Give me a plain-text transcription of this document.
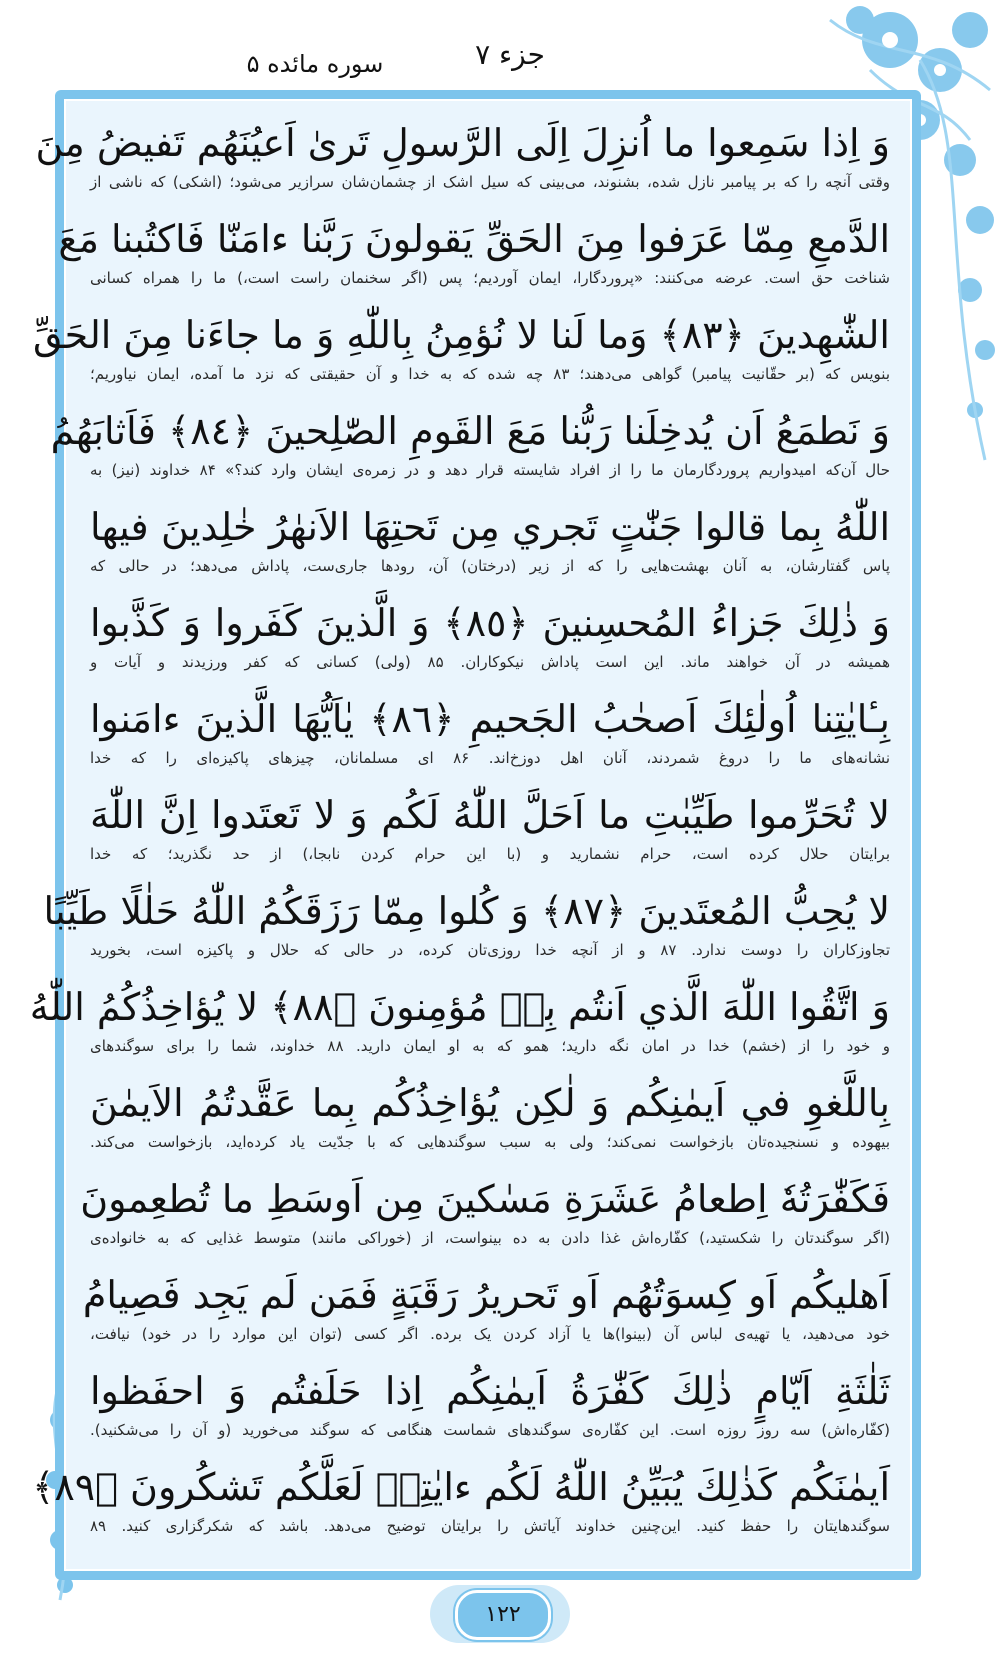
جزء ۷
سوره مائده ۵
وَ اِذا سَمِعوا ما اُنزِلَ اِلَى الرَّسولِ تَرىٰ اَعيُنَهُم تَفيضُ مِنَ
وقتی آنچه را که بر پیامبر نازل شده، بشنوند، می‌بینی که سیل اشک از چشمان‌شان سرازیر می‌شود؛ (اشکی) که ناشی از
الدَّمعِ مِمّا عَرَفوا مِنَ الحَقِّ يَقولونَ رَبَّنا ءامَنّا فَاكتُبنا مَعَ
شناخت حق است. عرضه می‌کنند: «پروردگارا، ایمان آوردیم؛ پس (اگر سخنمان راست است،) ما را همراه کسانی
الشّٰهِدينَ ﴿٨٣﴾ وَما لَنا لا نُؤمِنُ بِاللّٰهِ وَ ما جاءَنا مِنَ الحَقِّ
بنویس که (بر حقّانیت پیامبر) گواهی می‌دهند؛ ۸۳ چه شده که به خدا و آن حقیقتی که نزد ما آمده، ایمان نیاوریم؛
وَ نَطمَعُ اَن يُدخِلَنا رَبُّنا مَعَ القَومِ الصّٰلِحينَ ﴿٨٤﴾ فَاَثابَهُمُ
حال آن‌که امیدواریم پروردگارمان ما را از افراد شایسته قرار دهد و در زمره‌ی ایشان وارد کند؟» ۸۴ خداوند (نیز) به
اللّٰهُ بِما قالوا جَنّٰتٍ تَجري مِن تَحتِهَا الاَنهٰرُ خٰلِدينَ فيها
پاس گفتارشان، به آنان بهشت‌هایی را که از زیر (درختان) آن، رودها جاری‌ست، پاداش می‌دهد؛ در حالی که
وَ ذٰلِكَ جَزاءُ المُحسِنينَ ﴿٨٥﴾ وَ الَّذينَ كَفَروا وَ كَذَّبوا
همیشه در آن خواهند ماند. این است پاداش نیکوکاران. ۸۵ (ولی) کسانی که کفر ورزیدند و آیات و
بِـٔايٰتِنا اُولٰئِكَ اَصحٰبُ الجَحيمِ ﴿٨٦﴾ يٰاَيُّهَا الَّذينَ ءامَنوا
نشانه‌های ما را دروغ شمردند، آنان اهل دوزخ‌اند. ۸۶ ای مسلمانان، چیزهای پاکیزه‌ای را که خدا
لا تُحَرِّموا طَيِّبٰتِ ما اَحَلَّ اللّٰهُ لَكُم وَ لا تَعتَدوا اِنَّ اللّٰهَ
برایتان حلال کرده است، حرام نشمارید و (با این حرام کردن نابجا،) از حد نگذرید؛ که خدا
لا يُحِبُّ المُعتَدينَ ﴿٨٧﴾ وَ كُلوا مِمّا رَزَقَكُمُ اللّٰهُ حَلٰلًا طَيِّبًا
تجاوزکاران را دوست ندارد. ۸۷ و از آنچه خدا روزی‌تان کرده، در حالی که حلال و پاکیزه است، بخورید
وَ اتَّقُوا اللّٰهَ الَّذي اَنتُم بِهٖ مُؤمِنونَ ﴿٨٨﴾ لا يُؤاخِذُكُمُ اللّٰهُ
و خود را از (خشم) خدا در امان نگه دارید؛ همو که به او ایمان دارید. ۸۸ خداوند، شما را برای سوگندهای
بِاللَّغوِ في اَيمٰنِكُم وَ لٰكِن يُؤاخِذُكُم بِما عَقَّدتُمُ الاَيمٰنَ
بیهوده و نسنجیده‌تان بازخواست نمی‌کند؛ ولی به سبب سوگندهایی که با جدّیت یاد کرده‌اید، بازخواست می‌کند.
فَكَفّٰرَتُهٗ اِطعامُ عَشَرَةِ مَسٰكينَ مِن اَوسَطِ ما تُطعِمونَ
(اگر سوگندتان را شکستید،) کفّاره‌اش غذا دادن به ده بینواست، از (خوراکی مانند) متوسط غذایی که به خانواده‌ی
اَهليكُم اَو كِسوَتُهُم اَو تَحريرُ رَقَبَةٍ فَمَن لَم يَجِد فَصِيامُ
خود می‌دهید، یا تهیه‌ی لباس آن (بینوا)ها یا آزاد کردن یک برده. اگر کسی (توان این موارد را در خود) نیافت،
ثَلٰثَةِ اَيّامٍ ذٰلِكَ كَفّٰرَةُ اَيمٰنِكُم اِذا حَلَفتُم وَ احفَظوا
(کفّاره‌اش) سه روز روزه است. این کفّاره‌ی سوگندهای شماست هنگامی که سوگند می‌خورید (و آن را می‌شکنید).
اَيمٰنَكُم كَذٰلِكَ يُبَيِّنُ اللّٰهُ لَكُم ءايٰتِهٖ لَعَلَّكُم تَشكُرونَ ﴿٨٩﴾
سوگندهایتان را حفظ کنید. این‌چنین خداوند آیاتش را برایتان توضیح می‌دهد. باشد که شکرگزاری کنید. ۸۹
۱۲۲
